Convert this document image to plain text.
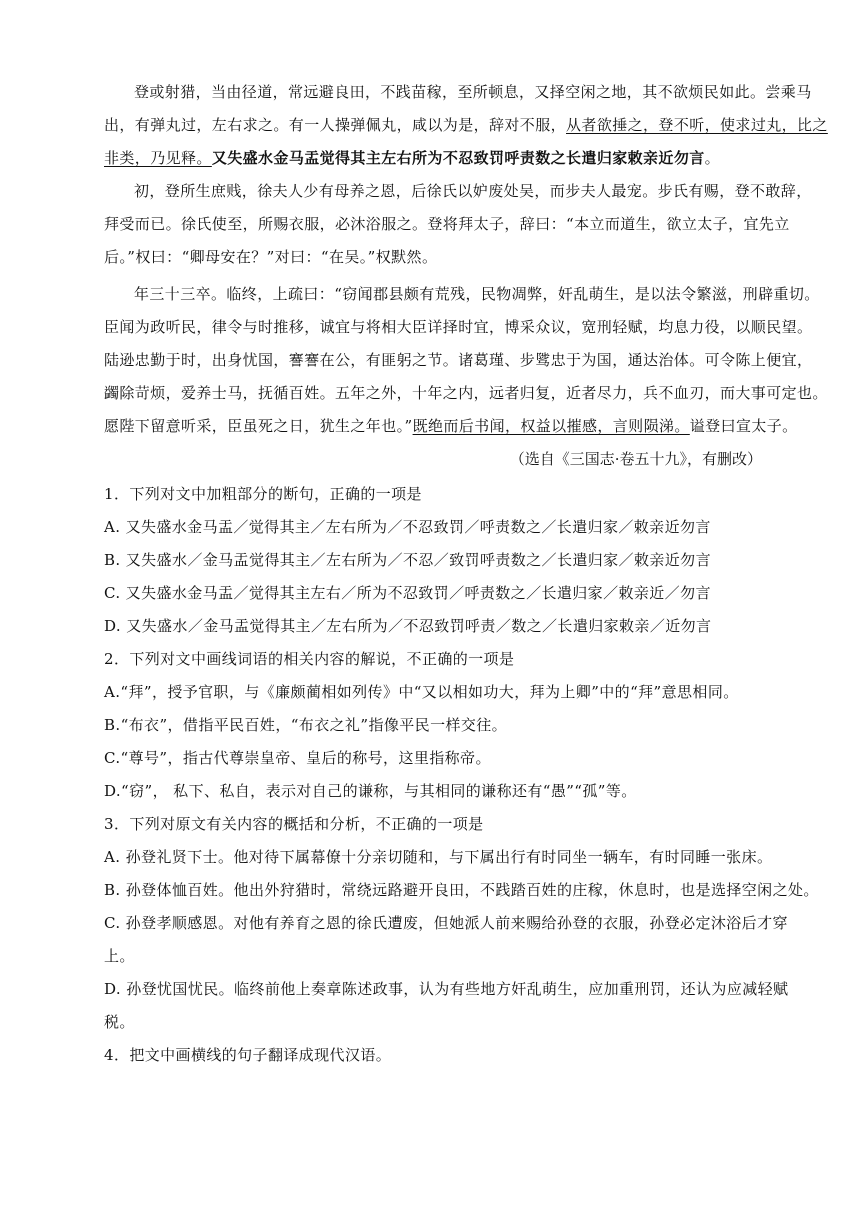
登或射猎，当由径道，常远避良田，不践苗稼，至所顿息，又择空闲之地，其不欲烦民如此。尝乘马
出，有弹丸过，左右求之。有一人操弹佩丸，咸以为是，辞对不服，从者欲捶之，登不听，使求过丸，比之
非类，乃见释。又失盛水金马盂觉得其主左右所为不忍致罚呼责数之长遣归家敕亲近勿言。
初，登所生庶贱，徐夫人少有母养之恩，后徐氏以妒废处吴，而步夫人最宠。步氏有赐，登不敢辞，
拜受而已。徐氏使至，所赐衣服，必沐浴服之。登将拜太子，辞曰：“本立而道生，欲立太子，宜先立
后。”权曰：“卿母安在？”对曰：“在吴。”权默然。
年三十三卒。临终，上疏曰：“窃闻郡县颇有荒残，民物凋弊，奸乱萌生，是以法令繁滋，刑辟重切。
臣闻为政听民，律令与时推移，诚宜与将相大臣详择时宜，博采众议，宽刑轻赋，均息力役，以顺民望。
陆逊忠勤于时，出身忧国，謇謇在公，有匪躬之节。诸葛瑾、步骘忠于为国，通达治体。可令陈上便宜，
蠲除苛烦，爱养士马，抚循百姓。五年之外，十年之内，远者归复，近者尽力，兵不血刃，而大事可定也。
愿陛下留意听采，臣虽死之日，犹生之年也。”既绝而后书闻，权益以摧感，言则陨涕。谥登曰宣太子。
（选自《三国志·卷五十九》，有删改）
1．下列对文中加粗部分的断句，正确的一项是
A. 又失盛水金马盂／觉得其主／左右所为／不忍致罚／呼责数之／长遣归家／敕亲近勿言
B. 又失盛水／金马盂觉得其主／左右所为／不忍／致罚呼责数之／长遣归家／敕亲近勿言
C. 又失盛水金马盂／觉得其主左右／所为不忍致罚／呼责数之／长遣归家／敕亲近／勿言
D. 又失盛水／金马盂觉得其主／左右所为／不忍致罚呼责／数之／长遣归家敕亲／近勿言
2．下列对文中画线词语的相关内容的解说，不正确的一项是
A.“拜”，授予官职，与《廉颇蔺相如列传》中“又以相如功大，拜为上卿”中的“拜”意思相同。
B.“布衣”，借指平民百姓，“布衣之礼”指像平民一样交往。
C.“尊号”，指古代尊崇皇帝、皇后的称号，这里指称帝。
D.“窃”， 私下、私自，表示对自己的谦称，与其相同的谦称还有“愚”“孤”等。
3．下列对原文有关内容的概括和分析，不正确的一项是
A. 孙登礼贤下士。他对待下属幕僚十分亲切随和，与下属出行有时同坐一辆车，有时同睡一张床。
B. 孙登体恤百姓。他出外狩猎时，常绕远路避开良田，不践踏百姓的庄稼，休息时，也是选择空闲之处。
C. 孙登孝顺感恩。对他有养育之恩的徐氏遭废，但她派人前来赐给孙登的衣服，孙登必定沐浴后才穿
上。
D. 孙登忧国忧民。临终前他上奏章陈述政事，认为有些地方奸乱萌生，应加重刑罚，还认为应减轻赋
税。
4．把文中画横线的句子翻译成现代汉语。
